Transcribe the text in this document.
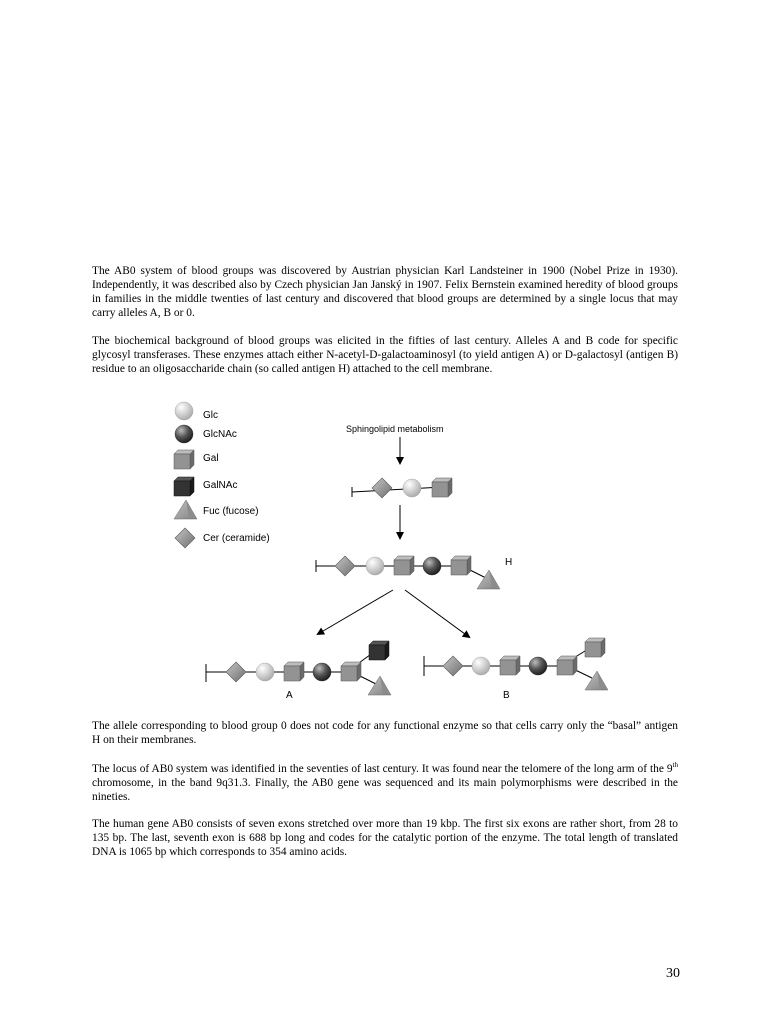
The AB0 system of blood groups was discovered by Austrian physician Karl Landsteiner in 1900 (Nobel Prize in 1930). Independently, it was described also by Czech physician Jan Janský in 1907. Felix Bernstein examined heredity of blood groups in families in the middle twenties of last century and discovered that blood groups are determined by a single locus that may carry alleles A, B or 0.

The biochemical background of blood groups was elicited in the fifties of last century. Alleles A and B code for specific glycosyl transferases. These enzymes attach either N-acetyl-D-galactoaminosyl (to yield antigen A) or D-galactosyl (antigen B) residue to an oligosaccharide chain (so called antigen H) attached to the cell membrane.

Glc
GlcNAc
Gal
GalNAc
Fuc (fucose)
Cer (ceramide)
Sphingolipid metabolism
H
A	B

The allele corresponding to blood group 0 does not code for any functional enzyme so that cells carry only the “basal” antigen H on their membranes.

The locus of AB0 system was identified in the seventies of last century. It was found near the telomere of the long arm of the 9th chromosome, in the band 9q31.3. Finally, the AB0 gene was sequenced and its main polymorphisms were described in the nineties.

The human gene AB0 consists of seven exons stretched over more than 19 kbp. The first six exons are rather short, from 28 to 135 bp. The last, seventh exon is 688 bp long and codes for the catalytic portion of the enzyme. The total length of translated DNA is 1065 bp which corresponds to 354 amino acids.

30
